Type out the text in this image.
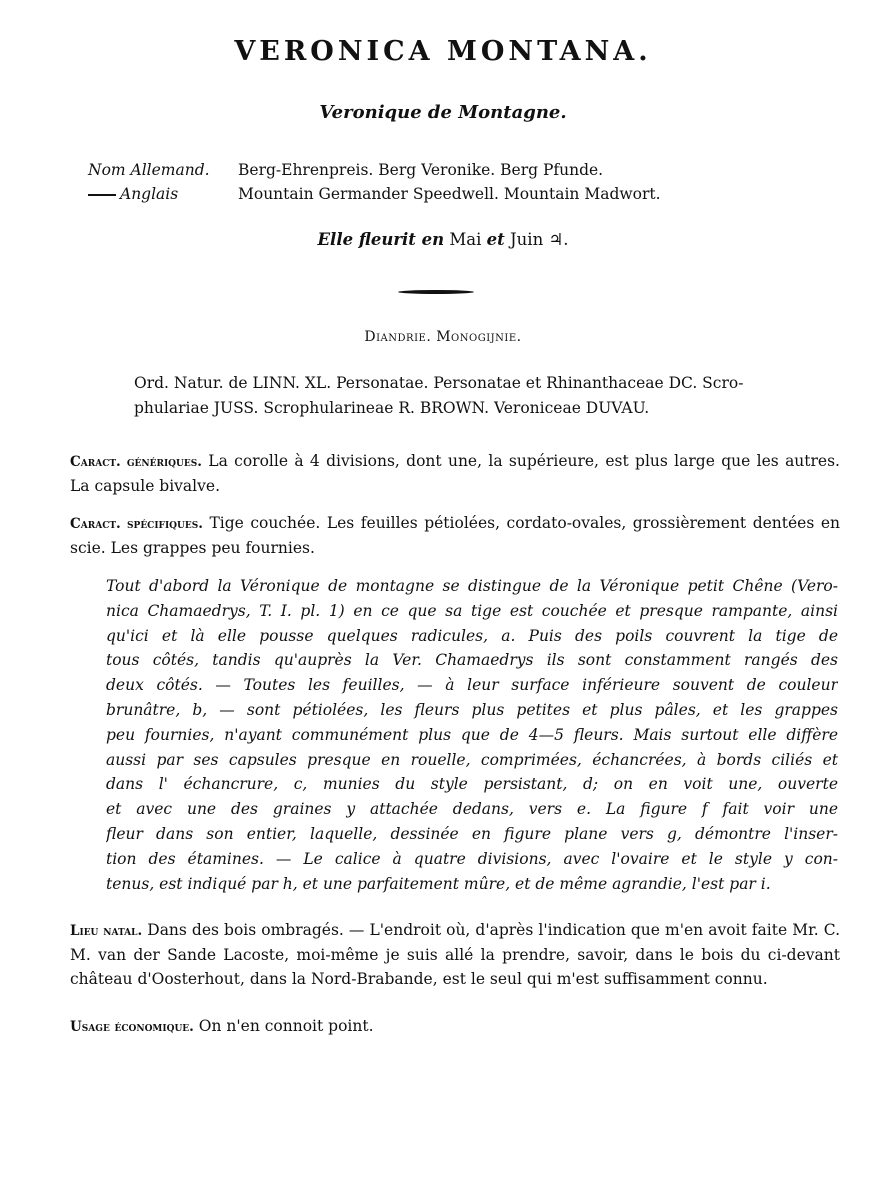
VERONICA MONTANA.
Veronique de Montagne.
Nom Allemand. Berg-Ehrenpreis. Berg Veronike. Berg Pfunde.
Anglais	Mountain Germander Speedwell. Mountain Madwort.
Elle fleurit en Mai et Juin ♃.
Diandrie. Monogijnie.
Ord. Natur. de LINN. XL. Personatae. Personatae et Rhinanthaceae DC. Scro-
phulariae JUSS. Scrophularineae R. BROWN. Veroniceae DUVAU.
Caract. génériques. La corolle à 4 divisions, dont une, la supérieure, est plus large que les autres. La capsule bivalve.
Caract. spécifiques. Tige couchée. Les feuilles pétiolées, cordato-ovales, grossièrement dentées en scie. Les grappes peu fournies.
Tout d'abord la Véronique de montagne se distingue de la Véronique petit Chêne (Vero-
nica Chamaedrys, T. I. pl. 1) en ce que sa tige est couchée et presque rampante, ainsi
qu'ici et là elle pousse quelques radicules, a. Puis des poils couvrent la tige de
tous côtés, tandis qu'auprès la Ver. Chamaedrys ils sont constamment rangés des
deux côtés. — Toutes les feuilles, — à leur surface inférieure souvent de couleur
brunâtre, b, — sont pétiolées, les fleurs plus petites et plus pâles, et les grappes
peu fournies, n'ayant communément plus que de 4—5 fleurs. Mais surtout elle diffère
aussi par ses capsules presque en rouelle, comprimées, échancrées, à bords ciliés et
dans l' échancrure, c, munies du style persistant, d; on en voit une, ouverte
et avec une des graines y attachée dedans, vers e. La figure f fait voir une
fleur dans son entier, laquelle, dessinée en figure plane vers g, démontre l'inser-
tion des étamines. — Le calice à quatre divisions, avec l'ovaire et le style y con-
tenus, est indiqué par h, et une parfaitement mûre, et de même agrandie, l'est par i.
Lieu natal. Dans des bois ombragés. — L'endroit où, d'après l'indication que m'en avoit faite Mr. C. M. van der Sande Lacoste, moi-même je suis allé la prendre, savoir, dans le bois du ci-devant château d'Oosterhout, dans la Nord-Brabande, est le seul qui m'est suffisamment connu.
Usage économique. On n'en connoit point.
